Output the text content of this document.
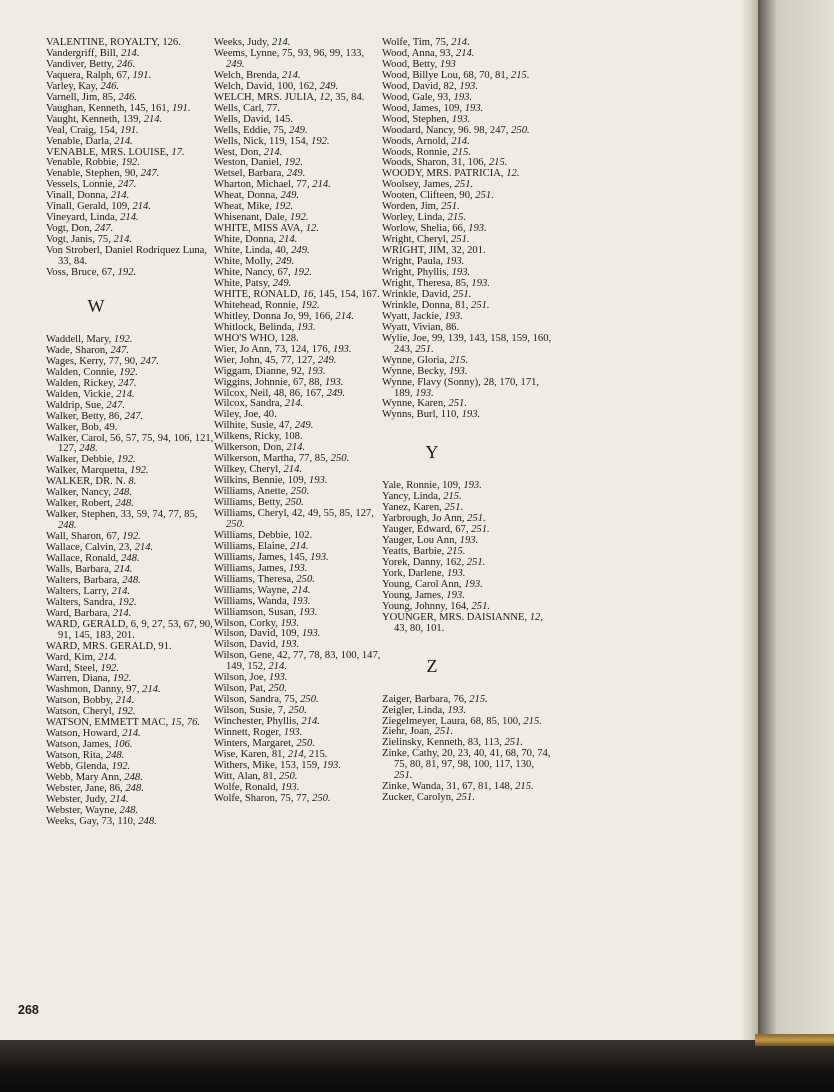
VALENTINE, ROYALTY, 126.
Vandergriff, Bill, 214.
Vandiver, Betty, 246.
Vaquera, Ralph, 67, 191.
Varley, Kay, 246.
Varnell, Jim, 85, 246.
Vaughan, Kenneth, 145, 161, 191.
Vaught, Kenneth, 139, 214.
Veal, Craig, 154, 191.
Venable, Darla, 214.
VENABLE, MRS. LOUISE, 17.
Venable, Robbie, 192.
Venable, Stephen, 90, 247.
Vessels, Lonnie, 247.
Vinall, Donna, 214.
Vinall, Gerald, 109, 214.
Vineyard, Linda, 214.
Vogt, Don, 247.
Vogt, Janis, 75, 214.
Von Stroberl, Daniel Rodriquez Luna, 33, 84.
Voss, Bruce, 67, 192.
W
Waddell, Mary, 192.
Wade, Sharon, 247.
Wages, Kerry, 77, 90, 247.
Walden, Connie, 192.
Walden, Rickey, 247.
Walden, Vickie, 214.
Waldrip, Sue, 247.
Walker, Betty, 86, 247.
Walker, Bob, 49.
Walker, Carol, 56, 57, 75, 94, 106, 121, 127, 248.
Walker, Debbie, 192.
Walker, Marquetta, 192.
WALKER, DR. N. 8.
Walker, Nancy, 248.
Walker, Robert, 248.
Walker, Stephen, 33, 59, 74, 77, 85, 248.
Wall, Sharon, 67, 192.
Wallace, Calvin, 23, 214.
Wallace, Ronald, 248.
Walls, Barbara, 214.
Walters, Barbara, 248.
Walters, Larry, 214.
Walters, Sandra, 192.
Ward, Barbara, 214.
WARD, GERALD, 6, 9, 27, 53, 67, 90, 91, 145, 183, 201.
WARD, MRS. GERALD, 91.
Ward, Kim, 214.
Ward, Steel, 192.
Warren, Diana, 192.
Washmon, Danny, 97, 214.
Watson, Bobby, 214.
Watson, Cheryl, 192.
WATSON, EMMETT MAC, 15, 76.
Watson, Howard, 214.
Watson, James, 106.
Watson, Rita, 248.
Webb, Glenda, 192.
Webb, Mary Ann, 248.
Webster, Jane, 86, 248.
Webster, Judy, 214.
Webster, Wayne, 248.
Weeks, Gay, 73, 110, 248.
Weeks, Judy, 214.
Weems, Lynne, 75, 93, 96, 99, 133, 249.
Welch, Brenda, 214.
Welch, David, 100, 162, 249.
WELCH, MRS. JULIA, 12, 35, 84.
Wells, Carl, 77.
Wells, David, 145.
Wells, Eddie, 75, 249.
Wells, Nick, 119, 154, 192.
West, Don, 214.
Weston, Daniel, 192.
Wetsel, Barbara, 249.
Wharton, Michael, 77, 214.
Wheat, Donna, 249.
Wheat, Mike, 192.
Whisenant, Dale, 192.
WHITE, MISS AVA, 12.
White, Donna, 214.
White, Linda, 40, 249.
White, Molly, 249.
White, Nancy, 67, 192.
White, Patsy, 249.
WHITE, RONALD, 16, 145, 154, 167.
Whitehead, Ronnie, 192.
Whitley, Donna Jo, 99, 166, 214.
Whitlock, Belinda, 193.
WHO'S WHO, 128.
Wier, Jo Ann, 73, 124, 176, 193.
Wier, John, 45, 77, 127, 249.
Wiggam, Dianne, 92, 193.
Wiggins, Johnnie, 67, 88, 193.
Wilcox, Neil, 48, 86, 167, 249.
Wilcox, Sandra, 214.
Wiley, Joe, 40.
Wilhite, Susie, 47, 249.
Wilkens, Ricky, 108.
Wilkerson, Don, 214.
Wilkerson, Martha, 77, 85, 250.
Wilkey, Cheryl, 214.
Wilkins, Bennie, 109, 193.
Williams, Anette, 250.
Williams, Betty, 250.
Williams, Cheryl, 42, 49, 55, 85, 127, 250.
Williams, Debbie, 102.
Williams, Elaine, 214.
Williams, James, 145, 193.
Williams, James, 193.
Williams, Theresa, 250.
Williams, Wayne, 214.
Williams, Wanda, 193.
Williamson, Susan, 193.
Wilson, Corky, 193.
Wilson, David, 109, 193.
Wilson, David, 193.
Wilson, Gene, 42, 77, 78, 83, 100, 147, 149, 152, 214.
Wilson, Joe, 193.
Wilson, Pat, 250.
Wilson, Sandra, 75, 250.
Wilson, Susie, 7, 250.
Winchester, Phyllis, 214.
Winnett, Roger, 193.
Winters, Margaret, 250.
Wise, Karen, 81, 214, 215.
Withers, Mike, 153, 159, 193.
Witt, Alan, 81, 250.
Wolfe, Ronald, 193.
Wolfe, Sharon, 75, 77, 250.
Wolfe, Tim, 75, 214.
Wood, Anna, 93, 214.
Wood, Betty, 193
Wood, Billye Lou, 68, 70, 81, 215.
Wood, David, 82, 193.
Wood, Gale, 93, 193.
Wood, James, 109, 193.
Wood, Stephen, 193.
Woodard, Nancy, 96. 98, 247, 250.
Woods, Arnold, 214.
Woods, Ronnie, 215.
Woods, Sharon, 31, 106, 215.
WOODY, MRS. PATRICIA, 12.
Woolsey, James, 251.
Wooten, Clifteen, 90, 251.
Worden, Jim, 251.
Worley, Linda, 215.
Worlow, Shelia, 66, 193.
Wright, Cheryl, 251.
WRIGHT, JIM, 32, 201.
Wright, Paula, 193.
Wright, Phyllis, 193.
Wright, Theresa, 85, 193.
Wrinkle, David, 251.
Wrinkle, Donna, 81, 251.
Wyatt, Jackie, 193.
Wyatt, Vivian, 86.
Wylie, Joe, 99, 139, 143, 158, 159, 160, 243, 251.
Wynne, Gloria, 215.
Wynne, Becky, 193.
Wynne, Flavy (Sonny), 28, 170, 171, 189, 193.
Wynne, Karen, 251.
Wynns, Burl, 110, 193.
Y
Yale, Ronnie, 109, 193.
Yancy, Linda, 215.
Yanez, Karen, 251.
Yarbrough, Jo Ann, 251.
Yauger, Edward, 67, 251.
Yauger, Lou Ann, 193.
Yeatts, Barbie, 215.
Yorek, Danny, 162, 251.
York, Darlene, 193.
Young, Carol Ann, 193.
Young, James, 193.
Young, Johnny, 164, 251.
YOUNGER, MRS. DAISIANNE, 12, 43, 80, 101.
Z
Zaiger, Barbara, 76, 215.
Zeigler, Linda, 193.
Ziegelmeyer, Laura, 68, 85, 100, 215.
Ziehr, Joan, 251.
Zielinsky, Kenneth, 83, 113, 251.
Zinke, Cathy, 20, 23, 40, 41, 68, 70, 74, 75, 80, 81, 97, 98, 100, 117, 130, 251.
Zinke, Wanda, 31, 67, 81, 148, 215.
Zucker, Carolyn, 251.
268
